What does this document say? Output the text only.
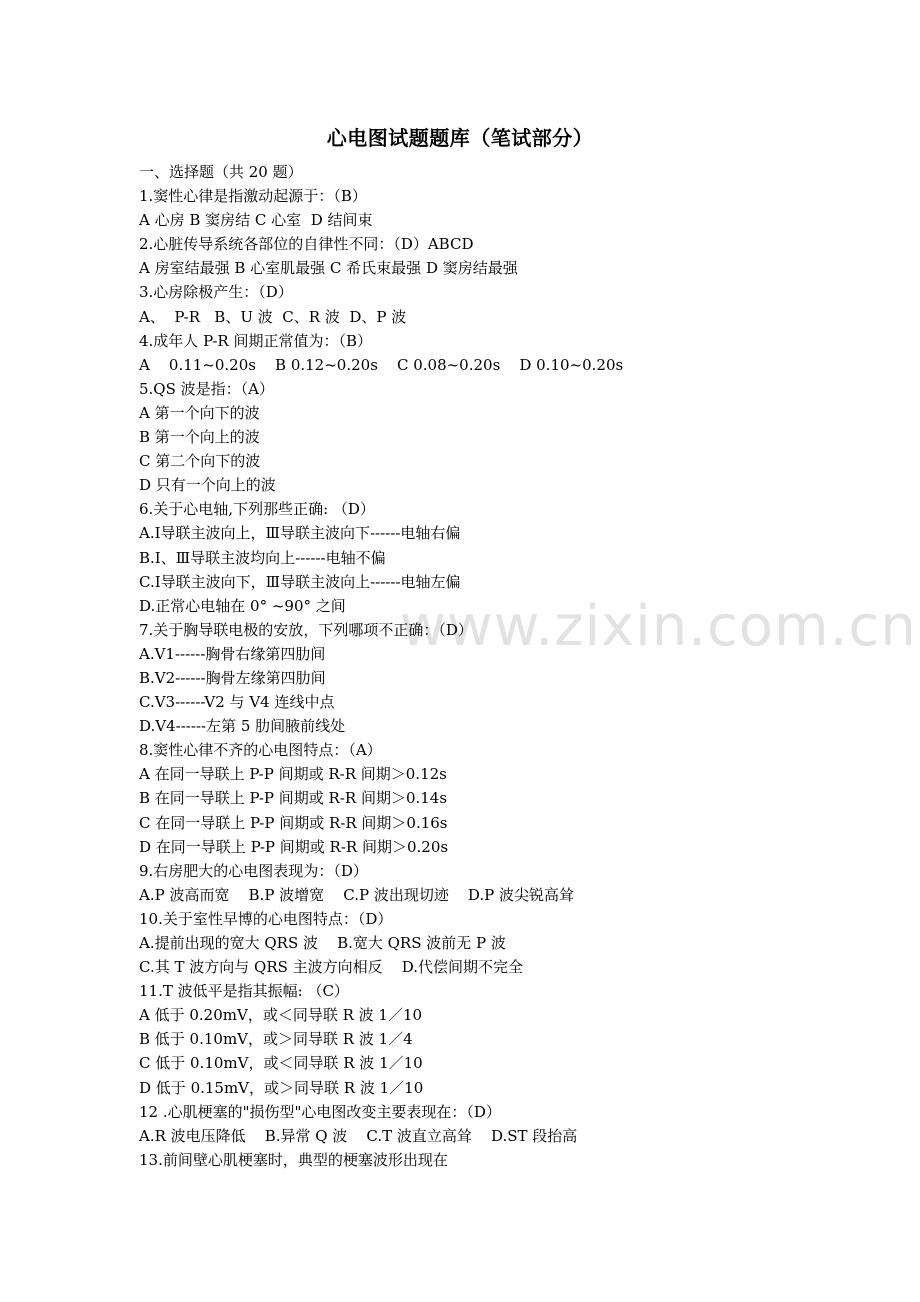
www.zixin.com.cn
心电图试题题库（笔试部分）
一、选择题（共 20 题）
1.窦性心律是指激动起源于：（B）
A 心房 B 窦房结 C 心室  D 结间束
2.心脏传导系统各部位的自律性不同：（D）ABCD
A 房室结最强 B 心室肌最强 C 希氏束最强 D 窦房结最强
3.心房除极产生：（D）
A、  P-R   B、U 波  C、R 波  D、P 波
4.成年人 P-R 间期正常值为：（B）
A    0.11~0.20s    B 0.12~0.20s    C 0.08~0.20s    D 0.10~0.20s
5.QS 波是指：（A）
A 第一个向下的波
B 第一个向上的波
C 第二个向下的波
D 只有一个向上的波
6.关于心电轴,下列那些正确: （D）
A.Ⅰ导联主波向上，Ⅲ导联主波向下------电轴右偏
B.Ⅰ、Ⅲ导联主波均向上------电轴不偏
C.Ⅰ导联主波向下，Ⅲ导联主波向上------电轴左偏
D.正常心电轴在 0° ~90° 之间
7.关于胸导联电极的安放，下列哪项不正确：（D）
A.V1------胸骨右缘第四肋间
B.V2------胸骨左缘第四肋间
C.V3------V2 与 V4 连线中点
D.V4------左第 5 肋间腋前线处
8.窦性心律不齐的心电图特点：（A）
A 在同一导联上 P-P 间期或 R-R 间期＞0.12s
B 在同一导联上 P-P 间期或 R-R 间期＞0.14s
C 在同一导联上 P-P 间期或 R-R 间期＞0.16s
D 在同一导联上 P-P 间期或 R-R 间期＞0.20s
9.右房肥大的心电图表现为：（D）
A.P 波高而宽    B.P 波增宽    C.P 波出现切迹    D.P 波尖锐高耸
10.关于室性早博的心电图特点：（D）
A.提前出现的宽大 QRS 波    B.宽大 QRS 波前无 P 波
C.其 T 波方向与 QRS 主波方向相反    D.代偿间期不完全
11.T 波低平是指其振幅: （C）
A 低于 0.20mV，或＜同导联 R 波 1／10
B 低于 0.10mV，或＞同导联 R 波 1／4
C 低于 0.10mV，或＜同导联 R 波 1／10
D 低于 0.15mV，或＞同导联 R 波 1／10
12 .心肌梗塞的"损伤型"心电图改变主要表现在：（D）
A.R 波电压降低    B.异常 Q 波    C.T 波直立高耸    D.ST 段抬高
13.前间壁心肌梗塞时，典型的梗塞波形出现在
